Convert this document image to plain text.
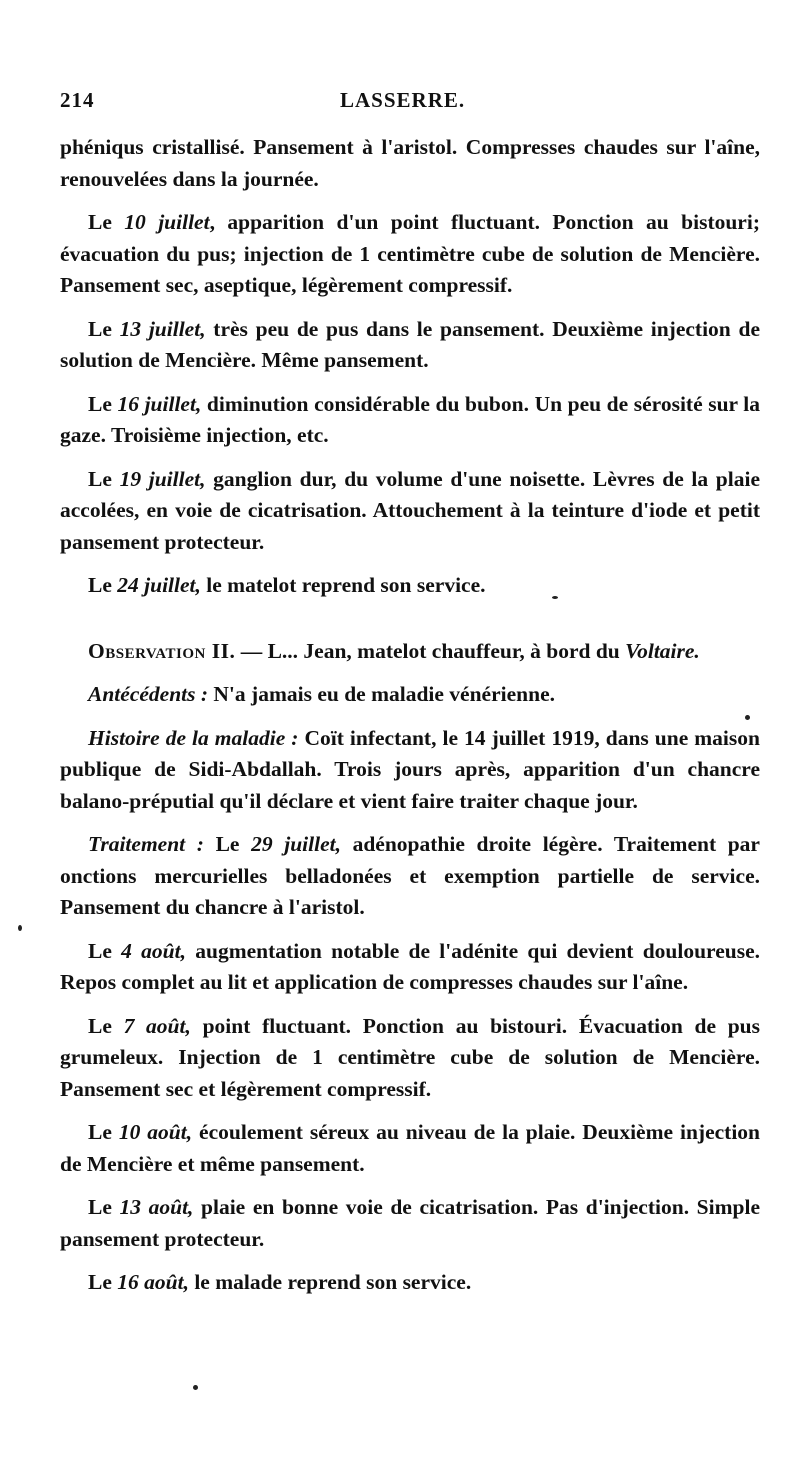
214	LASSERRE.

phéniqus cristallisé. Pansement à l'aristol. Compresses chaudes sur l'aîne, renouvelées dans la journée.

Le 10 juillet, apparition d'un point fluctuant. Ponction au bistouri; évacuation du pus; injection de 1 centimètre cube de solution de Mencière. Pansement sec, aseptique, légèrement compressif.

Le 13 juillet, très peu de pus dans le pansement. Deuxième injection de solution de Mencière. Même pansement.

Le 16 juillet, diminution considérable du bubon. Un peu de sérosité sur la gaze. Troisième injection, etc.

Le 19 juillet, ganglion dur, du volume d'une noisette. Lèvres de la plaie accolées, en voie de cicatrisation. Attouchement à la teinture d'iode et petit pansement protecteur.

Le 24 juillet, le matelot reprend son service.

Observation II. — L... Jean, matelot chauffeur, à bord du Voltaire.

Antécédents : N'a jamais eu de maladie vénérienne.

Histoire de la maladie : Coït infectant, le 14 juillet 1919, dans une maison publique de Sidi-Abdallah. Trois jours après, apparition d'un chancre balano-préputial qu'il déclare et vient faire traiter chaque jour.

Traitement : Le 29 juillet, adénopathie droite légère. Traitement par onctions mercurielles belladonées et exemption partielle de service. Pansement du chancre à l'aristol.

Le 4 août, augmentation notable de l'adénite qui devient douloureuse. Repos complet au lit et application de compresses chaudes sur l'aîne.

Le 7 août, point fluctuant. Ponction au bistouri. Évacuation de pus grumeleux. Injection de 1 centimètre cube de solution de Mencière. Pansement sec et légèrement compressif.

Le 10 août, écoulement séreux au niveau de la plaie. Deuxième injection de Mencière et même pansement.

Le 13 août, plaie en bonne voie de cicatrisation. Pas d'injection. Simple pansement protecteur.

Le 16 août, le malade reprend son service.
